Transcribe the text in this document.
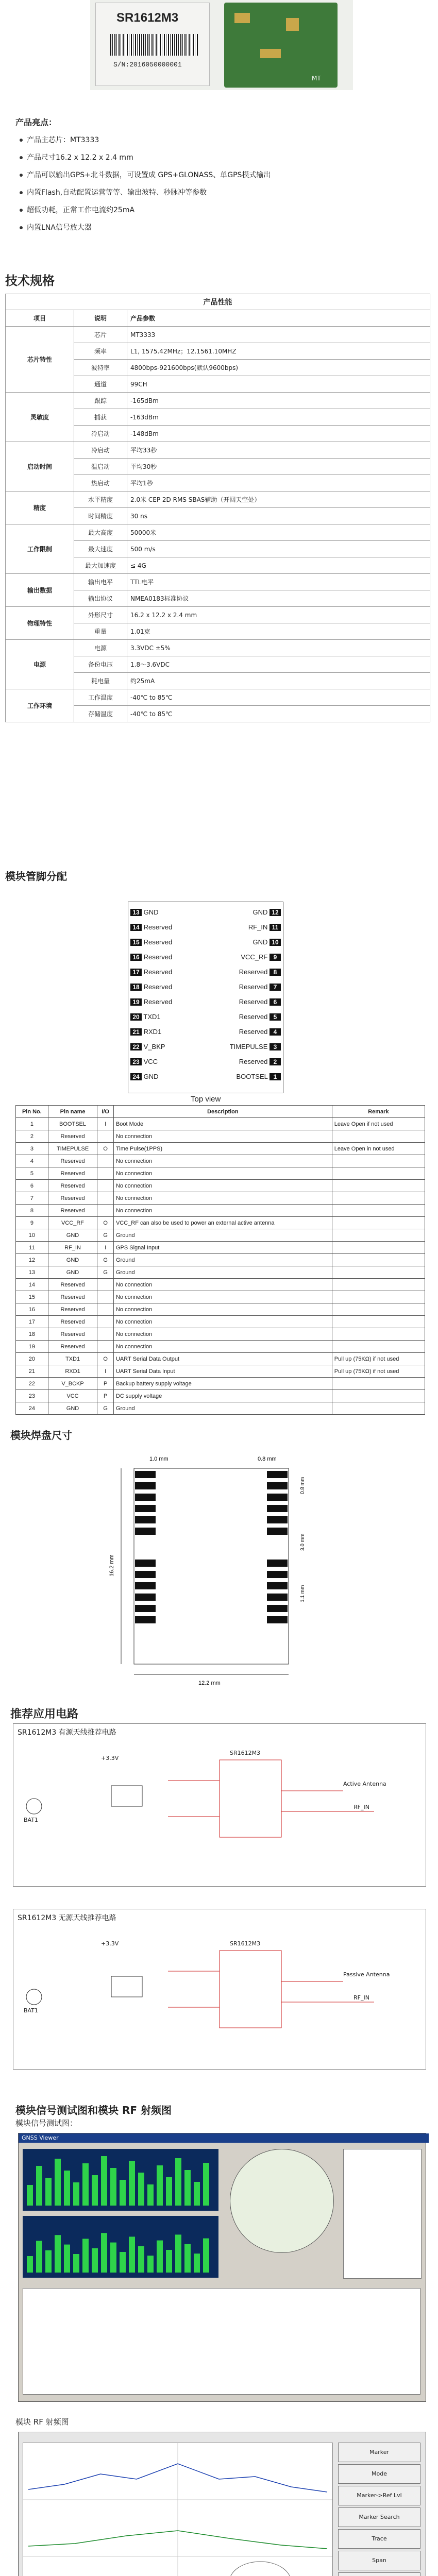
SR1612M3
S/N:2016050000001
MT
产品亮点：
产品主芯片：MT3333
产品尺寸16.2 x 12.2 x 2.4 mm
产品可以输出GPS+北斗数据，可设置成 GPS+GLONASS、单GPS模式输出
内置Flash,自动配置运营等等、输出波特、秒脉冲等参数
超低功耗，正常工作电流约25mA
内置LNA信号放大器
技术规格
产品性能		
项目	说明	产品参数
芯片特性	芯片	MT3333
	频率	L1, 1575.42MHz；12.1561.10MHZ
	波特率	4800bps-921600bps(默认9600bps)
	通道	99CH
灵敏度	跟踪	-165dBm
	捕获	-163dBm
	冷启动	-148dBm
启动时间	冷启动	平均33秒
	温启动	平均30秒
	热启动	平均1秒
精度	水平精度	2.0米 CEP 2D RMS SBAS辅助（开阔天空处）
	时间精度	30 ns
工作限制	最大高度	50000米
	最大速度	500 m/s
	最大加速度	≤ 4G
输出数据	输出电平	TTL电平
	输出协议	NMEA0183标准协议
物理特性	外形尺寸	16.2 x 12.2 x 2.4 mm
	重量	1.01克
电源	电源	3.3VDC ±5%
	备份电压	1.8～3.6VDC
	耗电量	约25mA
工作环境	工作温度	-40℃ to 85℃
	存储温度	-40℃ to 85℃
模块管脚分配
13 GND	GND 12
14 Reserved	RF_IN 11
15 Reserved	GND 10
16 Reserved	VCC_RF 9
17 Reserved	Reserved 8
18 Reserved	Reserved 7
19 Reserved	Reserved 6
20 TXD1	Reserved 5
21 RXD1	Reserved 4
22 V_BKP	TIMEPULSE 3
23 VCC	Reserved 2
24 GND	BOOTSEL 1
Top view
Pin No.	Pin name	I/O	Description	Remark
1	BOOTSEL	I	Boot Mode	Leave Open if not used
2	Reserved		No connection	
3	TIMEPULSE	O	Time Pulse(1PPS)	Leave Open in not used
4	Reserved		No connection	
5	Reserved		No connection	
6	Reserved		No connection	
7	Reserved		No connection	
8	Reserved		No connection	
9	VCC_RF	O	VCC_RF can also be used to power an external active antenna	
10	GND	G	Ground	
11	RF_IN	I	GPS Signal Input	
12	GND	G	Ground	
13	GND	G	Ground	
14	Reserved		No connection	
15	Reserved		No connection	
16	Reserved		No connection	
17	Reserved		No connection	
18	Reserved		No connection	
19	Reserved		No connection	
20	TXD1	O	UART Serial Data Output	Pull up (75KΩ) if not used
21	RXD1	I	UART Serial Data Input	Pull up (75KΩ) if not used
22	V_BCKP	P	Backup battery supply voltage	
23	VCC	P	DC supply voltage	
24	GND	G	Ground	
模块焊盘尺寸
1.0 mm	0.8 mm
16.2 mm
0.8 mm
3.0 mm
1.1 mm
12.2 mm
推荐应用电路
SR1612M3 有源天线推荐电路
SR1612M3
+3.3V
Active Antenna
BAT1
RF_IN
SR1612M3 无源天线推荐电路
SR1612M3
+3.3V
Passive Antenna
BAT1
RF_IN
模块信号测试图和模块 RF 射频图
模块信号测试图：
GNSS Viewer
模块 RF 射频图
Marker
Mode
Marker->Ref Lvl
Marker Search
Trace
Span
